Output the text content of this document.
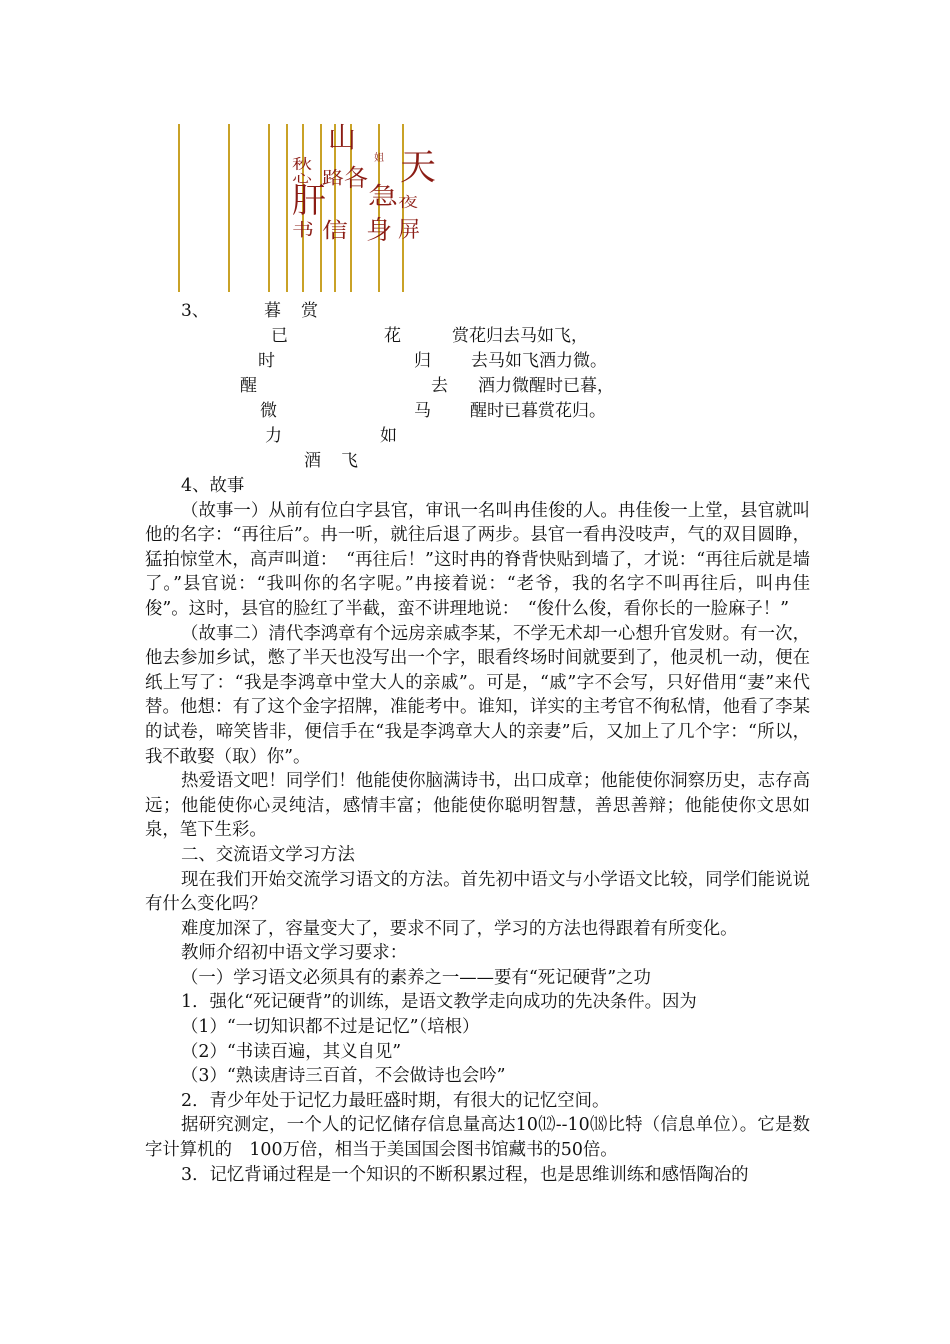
山
秋
心
姐 天
路 各
肝 急 夜
书 信 身 屏
3、	暮 赏
已	花
时	归
醒	去
微	马
力	如
酒 飞
赏花归去马如飞，
去马如飞酒力微。
酒力微醒时已暮，
醒时已暮赏花归。

4、故事

（故事一）从前有位白字县官，审讯一名叫冉佳俊的人。冉佳俊一上堂，县官就叫他的名字：“再往后”。冉一听，就往后退了两步。县官一看冉没吱声，气的双目圆睁，猛拍惊堂木，高声叫道：　“再往后！”这时冉的脊背快贴到墙了，才说：“再往后就是墙了。”县官说：“我叫你的名字呢。”冉接着说：“老爷，我的名字不叫再往后，叫冉佳俊”。这时，县官的脸红了半截，蛮不讲理地说：　“俊什么俊，看你长的一脸麻子！”

（故事二）清代李鸿章有个远房亲戚李某，不学无术却一心想升官发财。有一次，他去参加乡试，憋了半天也没写出一个字，眼看终场时间就要到了，他灵机一动，便在纸上写了：“我是李鸿章中堂大人的亲戚”。可是，“戚”字不会写，只好借用“妻”来代替。他想：有了这个金字招牌，准能考中。谁知，详实的主考官不徇私情，他看了李某的试卷，啼笑皆非，便信手在“我是李鸿章大人的亲妻”后，又加上了几个字：“所以，我不敢娶（取）你”。

热爱语文吧！同学们！他能使你脑满诗书，出口成章；他能使你洞察历史，志存高远；他能使你心灵纯洁，感情丰富；他能使你聪明智慧，善思善辩；他能使你文思如泉，笔下生彩。

二、交流语文学习方法

现在我们开始交流学习语文的方法。首先初中语文与小学语文比较，同学们能说说有什么变化吗？

难度加深了，容量变大了，要求不同了，学习的方法也得跟着有所变化。

教师介绍初中语文学习要求：

（一）学习语文必须具有的素养之一——要有“死记硬背”之功

1．强化“死记硬背”的训练，是语文教学走向成功的先决条件。因为

（1）“一切知识都不过是记忆”（培根）

（2）“书读百遍，其义自见”

（3）“熟读唐诗三百首，不会做诗也会吟”

2．青少年处于记忆力最旺盛时期，有很大的记忆空间。

据研究测定，一个人的记忆储存信息量高达10⑿--10⒅比特（信息单位）。它是数字计算机的　100万倍，相当于美国国会图书馆藏书的50倍。

3．记忆背诵过程是一个知识的不断积累过程，也是思维训练和感悟陶冶的
